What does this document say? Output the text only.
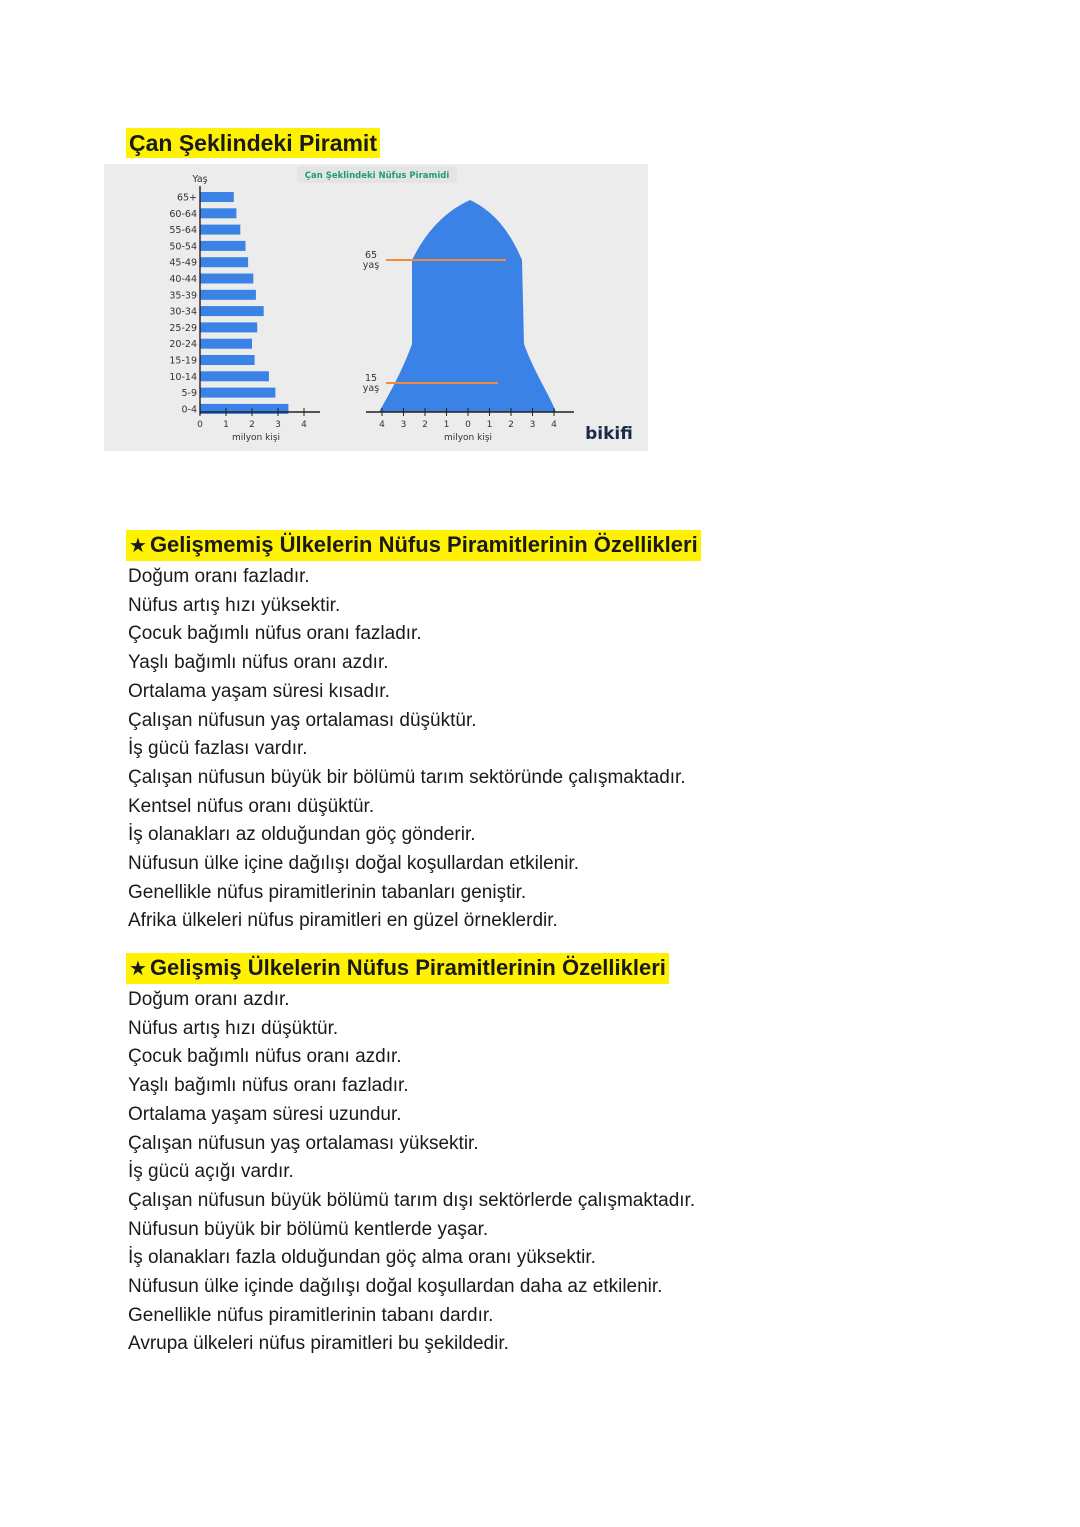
Çan Şeklindeki Piramit
Yaş
65+
60-64
55-64
50-54
45-49
40-44
35-39
30-34
25-29
20-24
15-19
10-14
5-9
0-4
0 1 2 3 4
milyon kişi
Çan Şeklindeki Nüfus Piramidi
65
yaş
15
yaş
4 3 2 1 0 1 2 3 4
milyon kişi	bikifi
★ Gelişmemiş Ülkelerin Nüfus Piramitlerinin Özellikleri
Doğum oranı fazladır.
Nüfus artış hızı yüksektir.
Çocuk bağımlı nüfus oranı fazladır.
Yaşlı bağımlı nüfus oranı azdır.
Ortalama yaşam süresi kısadır.
Çalışan nüfusun yaş ortalaması düşüktür.
İş gücü fazlası vardır.
Çalışan nüfusun büyük bir bölümü tarım sektöründe çalışmaktadır.
Kentsel nüfus oranı düşüktür.
İş olanakları az olduğundan göç gönderir.
Nüfusun ülke içine dağılışı doğal koşullardan etkilenir.
Genellikle nüfus piramitlerinin tabanları geniştir.
Afrika ülkeleri nüfus piramitleri en güzel örneklerdir.
★ Gelişmiş Ülkelerin Nüfus Piramitlerinin Özellikleri
Doğum oranı azdır.
Nüfus artış hızı düşüktür.
Çocuk bağımlı nüfus oranı azdır.
Yaşlı bağımlı nüfus oranı fazladır.
Ortalama yaşam süresi uzundur.
Çalışan nüfusun yaş ortalaması yüksektir.
İş gücü açığı vardır.
Çalışan nüfusun büyük bölümü tarım dışı sektörlerde çalışmaktadır.
Nüfusun büyük bir bölümü kentlerde yaşar.
İş olanakları fazla olduğundan göç alma oranı yüksektir.
Nüfusun ülke içinde dağılışı doğal koşullardan daha az etkilenir.
Genellikle nüfus piramitlerinin tabanı dardır.
Avrupa ülkeleri nüfus piramitleri bu şekildedir.
